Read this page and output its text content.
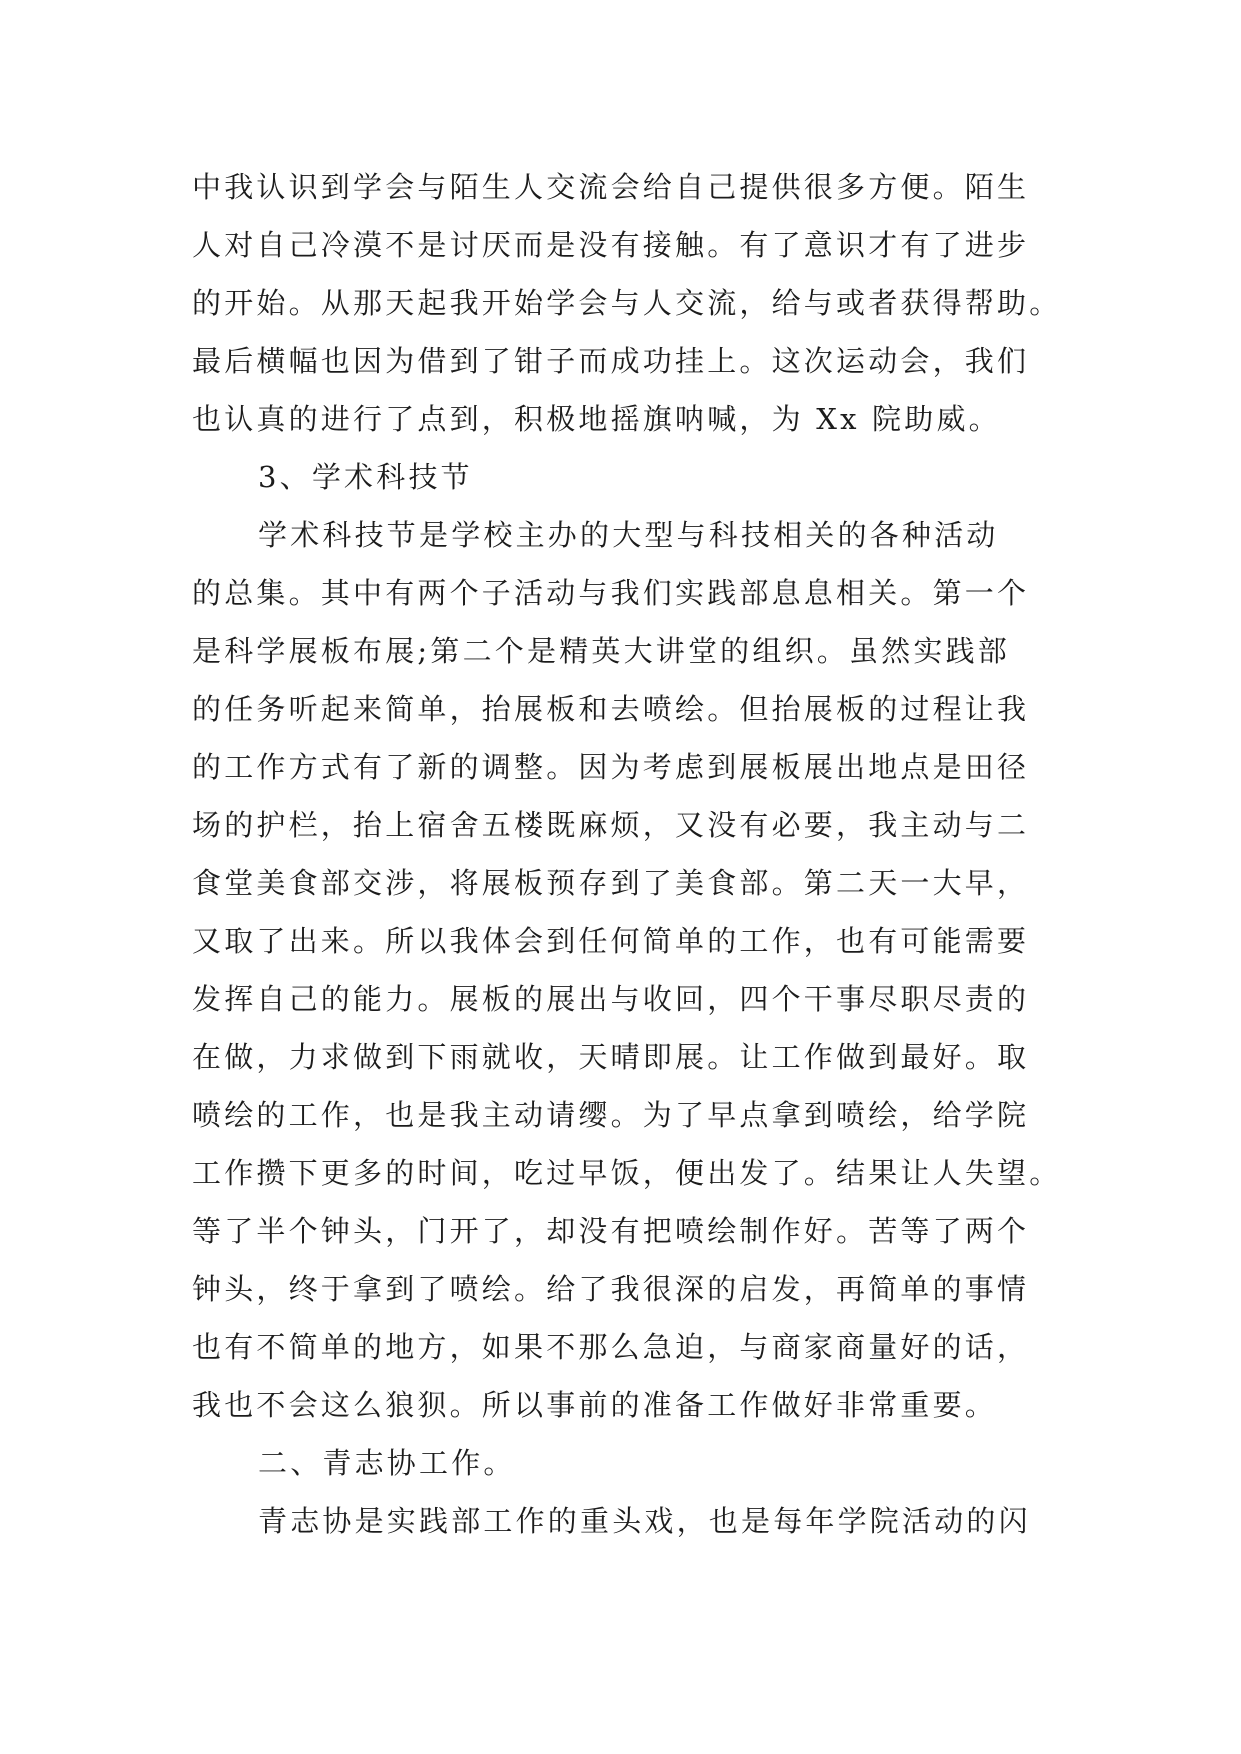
中我认识到学会与陌生人交流会给自己提供很多方便。陌生
人对自己冷漠不是讨厌而是没有接触。有了意识才有了进步
的开始。从那天起我开始学会与人交流，给与或者获得帮助。
最后横幅也因为借到了钳子而成功挂上。这次运动会，我们
也认真的进行了点到，积极地摇旗呐喊，为 Xx 院助威。
3、学术科技节
学术科技节是学校主办的大型与科技相关的各种活动
的总集。其中有两个子活动与我们实践部息息相关。第一个
是科学展板布展;第二个是精英大讲堂的组织。虽然实践部
的任务听起来简单，抬展板和去喷绘。但抬展板的过程让我
的工作方式有了新的调整。因为考虑到展板展出地点是田径
场的护栏，抬上宿舍五楼既麻烦，又没有必要，我主动与二
食堂美食部交涉，将展板预存到了美食部。第二天一大早，
又取了出来。所以我体会到任何简单的工作，也有可能需要
发挥自己的能力。展板的展出与收回，四个干事尽职尽责的
在做，力求做到下雨就收，天晴即展。让工作做到最好。取
喷绘的工作，也是我主动请缨。为了早点拿到喷绘，给学院
工作攒下更多的时间，吃过早饭，便出发了。结果让人失望。
等了半个钟头，门开了，却没有把喷绘制作好。苦等了两个
钟头，终于拿到了喷绘。给了我很深的启发，再简单的事情
也有不简单的地方，如果不那么急迫，与商家商量好的话，
我也不会这么狼狈。所以事前的准备工作做好非常重要。
二、青志协工作。
青志协是实践部工作的重头戏，也是每年学院活动的闪
